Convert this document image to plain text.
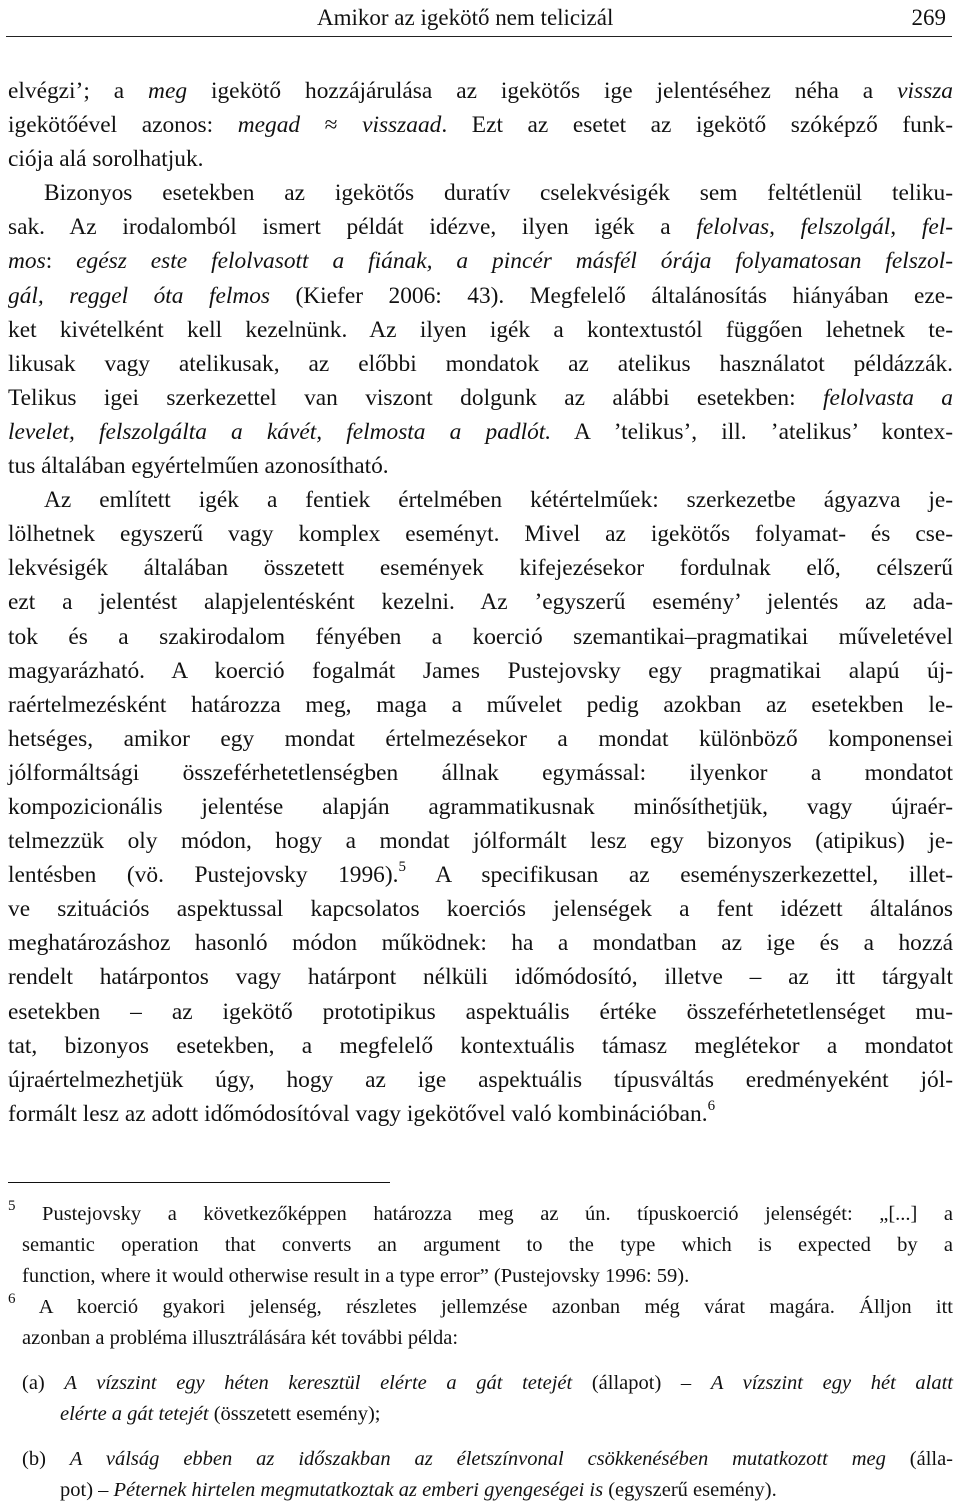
Amikor az igekötő nem telicizál	269
elvégzi’; a meg igekötő hozzájárulása az igekötős ige jelentéséhez néha a vissza
igekötőével azonos: megad ≈ visszaad. Ezt az esetet az igekötő szóképző funk-
ciója alá sorolhatjuk.
Bizonyos esetekben az igekötős duratív cselekvésigék sem feltétlenül teliku-
sak. Az irodalomból ismert példát idézve, ilyen igék a felolvas, felszolgál, fel-
mos: egész este felolvasott a fiának, a pincér másfél órája folyamatosan felszol-
gál, reggel óta felmos (Kiefer 2006: 43). Megfelelő általánosítás hiányában eze-
ket kivételként kell kezelnünk. Az ilyen igék a kontextustól függően lehetnek te-
likusak vagy atelikusak, az előbbi mondatok az atelikus használatot példázzák.
Telikus igei szerkezettel van viszont dolgunk az alábbi esetekben: felolvasta a
levelet, felszolgálta a kávét, felmosta a padlót. A ’telikus’, ill. ’atelikus’ kontex-
tus általában egyértelműen azonosítható.
Az említett igék a fentiek értelmében kétértelműek: szerkezetbe ágyazva je-
lölhetnek egyszerű vagy komplex eseményt. Mivel az igekötős folyamat- és cse-
lekvésigék általában összetett események kifejezésekor fordulnak elő, célszerű
ezt a jelentést alapjelentésként kezelni. Az ’egyszerű esemény’ jelentés az ada-
tok és a szakirodalom fényében a koerció szemantikai–pragmatikai műveletével
magyarázható. A koerció fogalmát James Pustejovsky egy pragmatikai alapú új-
raértelmezésként határozza meg, maga a művelet pedig azokban az esetekben le-
hetséges, amikor egy mondat értelmezésekor a mondat különböző komponensei
jólformáltsági összeférhetetlenségben állnak egymással: ilyenkor a mondatot
kompozicionális jelentése alapján agrammatikusnak minősíthetjük, vagy újraér-
telmezzük oly módon, hogy a mondat jólformált lesz egy bizonyos (atipikus) je-
lentésben (vö. Pustejovsky 1996).$^5$ A specifikusan az eseményszerkezettel, illet-
ve szituációs aspektussal kapcsolatos koerciós jelenségek a fent idézett általános
meghatározáshoz hasonló módon működnek: ha a mondatban az ige és a hozzá
rendelt határpontos vagy határpont nélküli időmódosító, illetve – az itt tárgyalt
esetekben – az igekötő prototipikus aspektuális értéke összeférhetetlenséget mu-
tat, bizonyos esetekben, a megfelelő kontextuális támasz meglétekor a mondatot
újraértelmezhetjük úgy, hogy az ige aspektuális típusváltás eredményeként jól-
formált lesz az adott időmódosítóval vagy igekötővel való kombinációban.$^6$
$^5$ Pustejovsky a következőképpen határozza meg az ún. típuskoerció jelenségét: „[...] a
semantic operation that converts an argument to the type which is expected by a
function, where it would otherwise result in a type error” (Pustejovsky 1996: 59).
$^6$ A koerció gyakori jelenség, részletes jellemzése azonban még várat magára. Álljon itt
azonban a probléma illusztrálására két további példa:
(a) A vízszint egy héten keresztül elérte a gát tetejét (állapot) – A vízszint egy hét alatt
elérte a gát tetejét (összetett esemény);
(b) A válság ebben az időszakban az életszínvonal csökkenésében mutatkozott meg (álla-
pot) – Péternek hirtelen megmutatkoztak az emberi gyengeségei is (egyszerű esemény).
